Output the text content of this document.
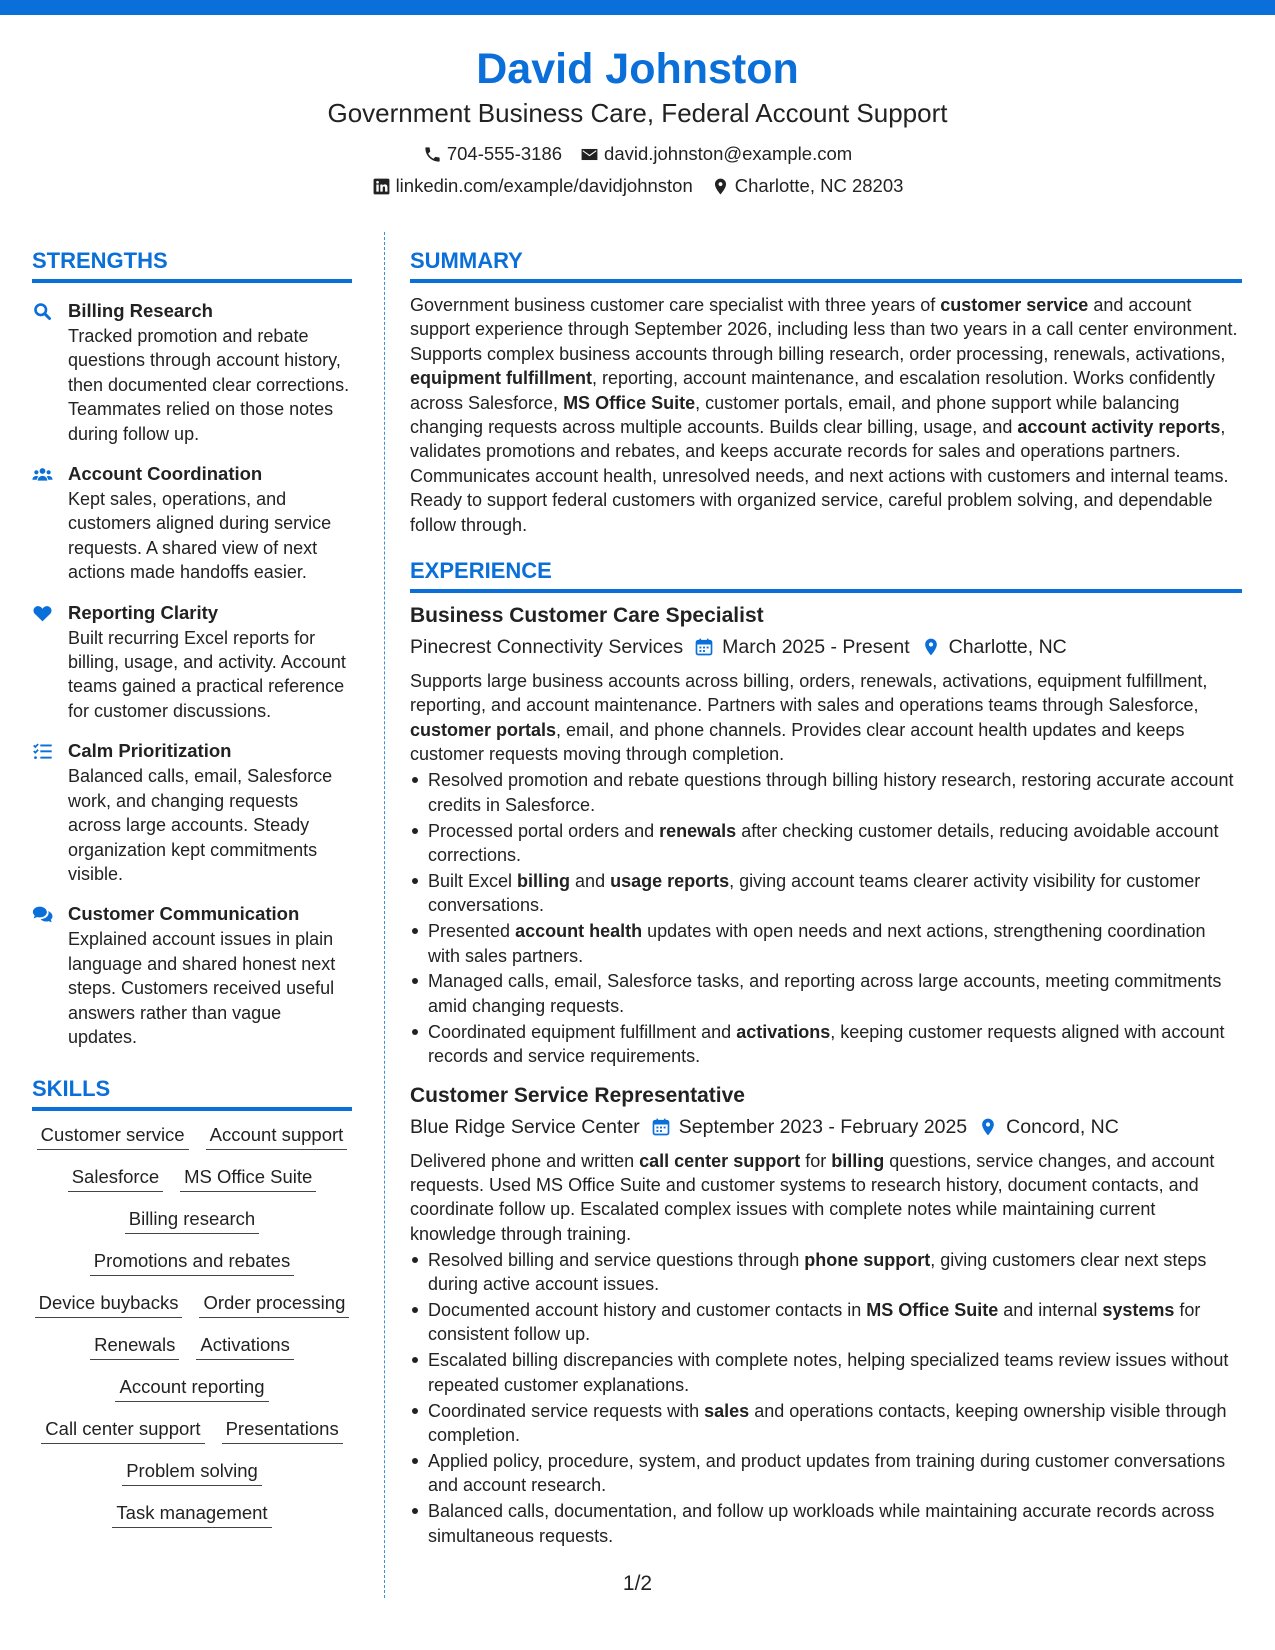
David Johnston
Government Business Care, Federal Account Support
704-555-3186 david.johnston@example.com
linkedin.com/example/davidjohnston Charlotte, NC 28203
STRENGTHS
Billing Research
Tracked promotion and rebate questions through account history, then documented clear corrections. Teammates relied on those notes during follow up.
Account Coordination
Kept sales, operations, and customers aligned during service requests. A shared view of next actions made handoffs easier.
Reporting Clarity
Built recurring Excel reports for billing, usage, and activity. Account teams gained a practical reference for customer discussions.
Calm Prioritization
Balanced calls, email, Salesforce work, and changing requests across large accounts. Steady organization kept commitments visible.
Customer Communication
Explained account issues in plain language and shared honest next steps. Customers received useful answers rather than vague updates.
SKILLS
Customer service Account support
Salesforce MS Office Suite
Billing research
Promotions and rebates
Device buybacks Order processing
Renewals Activations
Account reporting
Call center support Presentations
Problem solving
Task management
SUMMARY
Government business customer care specialist with three years of customer service and account support experience through September 2026, including less than two years in a call center environment. Supports complex business accounts through billing research, order processing, renewals, activations, equipment fulfillment, reporting, account maintenance, and escalation resolution. Works confidently across Salesforce, MS Office Suite, customer portals, email, and phone support while balancing changing requests across multiple accounts. Builds clear billing, usage, and account activity reports, validates promotions and rebates, and keeps accurate records for sales and operations partners. Communicates account health, unresolved needs, and next actions with customers and internal teams. Ready to support federal customers with organized service, careful problem solving, and dependable follow through.
EXPERIENCE
Business Customer Care Specialist
Pinecrest Connectivity Services March 2025 - Present Charlotte, NC
Supports large business accounts across billing, orders, renewals, activations, equipment fulfillment, reporting, and account maintenance. Partners with sales and operations teams through Salesforce, customer portals, email, and phone channels. Provides clear account health updates and keeps customer requests moving through completion.
Resolved promotion and rebate questions through billing history research, restoring accurate account credits in Salesforce.
Processed portal orders and renewals after checking customer details, reducing avoidable account corrections.
Built Excel billing and usage reports, giving account teams clearer activity visibility for customer conversations.
Presented account health updates with open needs and next actions, strengthening coordination with sales partners.
Managed calls, email, Salesforce tasks, and reporting across large accounts, meeting commitments amid changing requests.
Coordinated equipment fulfillment and activations, keeping customer requests aligned with account records and service requirements.
Customer Service Representative
Blue Ridge Service Center September 2023 - February 2025 Concord, NC
Delivered phone and written call center support for billing questions, service changes, and account requests. Used MS Office Suite and customer systems to research history, document contacts, and coordinate follow up. Escalated complex issues with complete notes while maintaining current knowledge through training.
Resolved billing and service questions through phone support, giving customers clear next steps during active account issues.
Documented account history and customer contacts in MS Office Suite and internal systems for consistent follow up.
Escalated billing discrepancies with complete notes, helping specialized teams review issues without repeated customer explanations.
Coordinated service requests with sales and operations contacts, keeping ownership visible through completion.
Applied policy, procedure, system, and product updates from training during customer conversations and account research.
Balanced calls, documentation, and follow up workloads while maintaining accurate records across simultaneous requests.
1/2
